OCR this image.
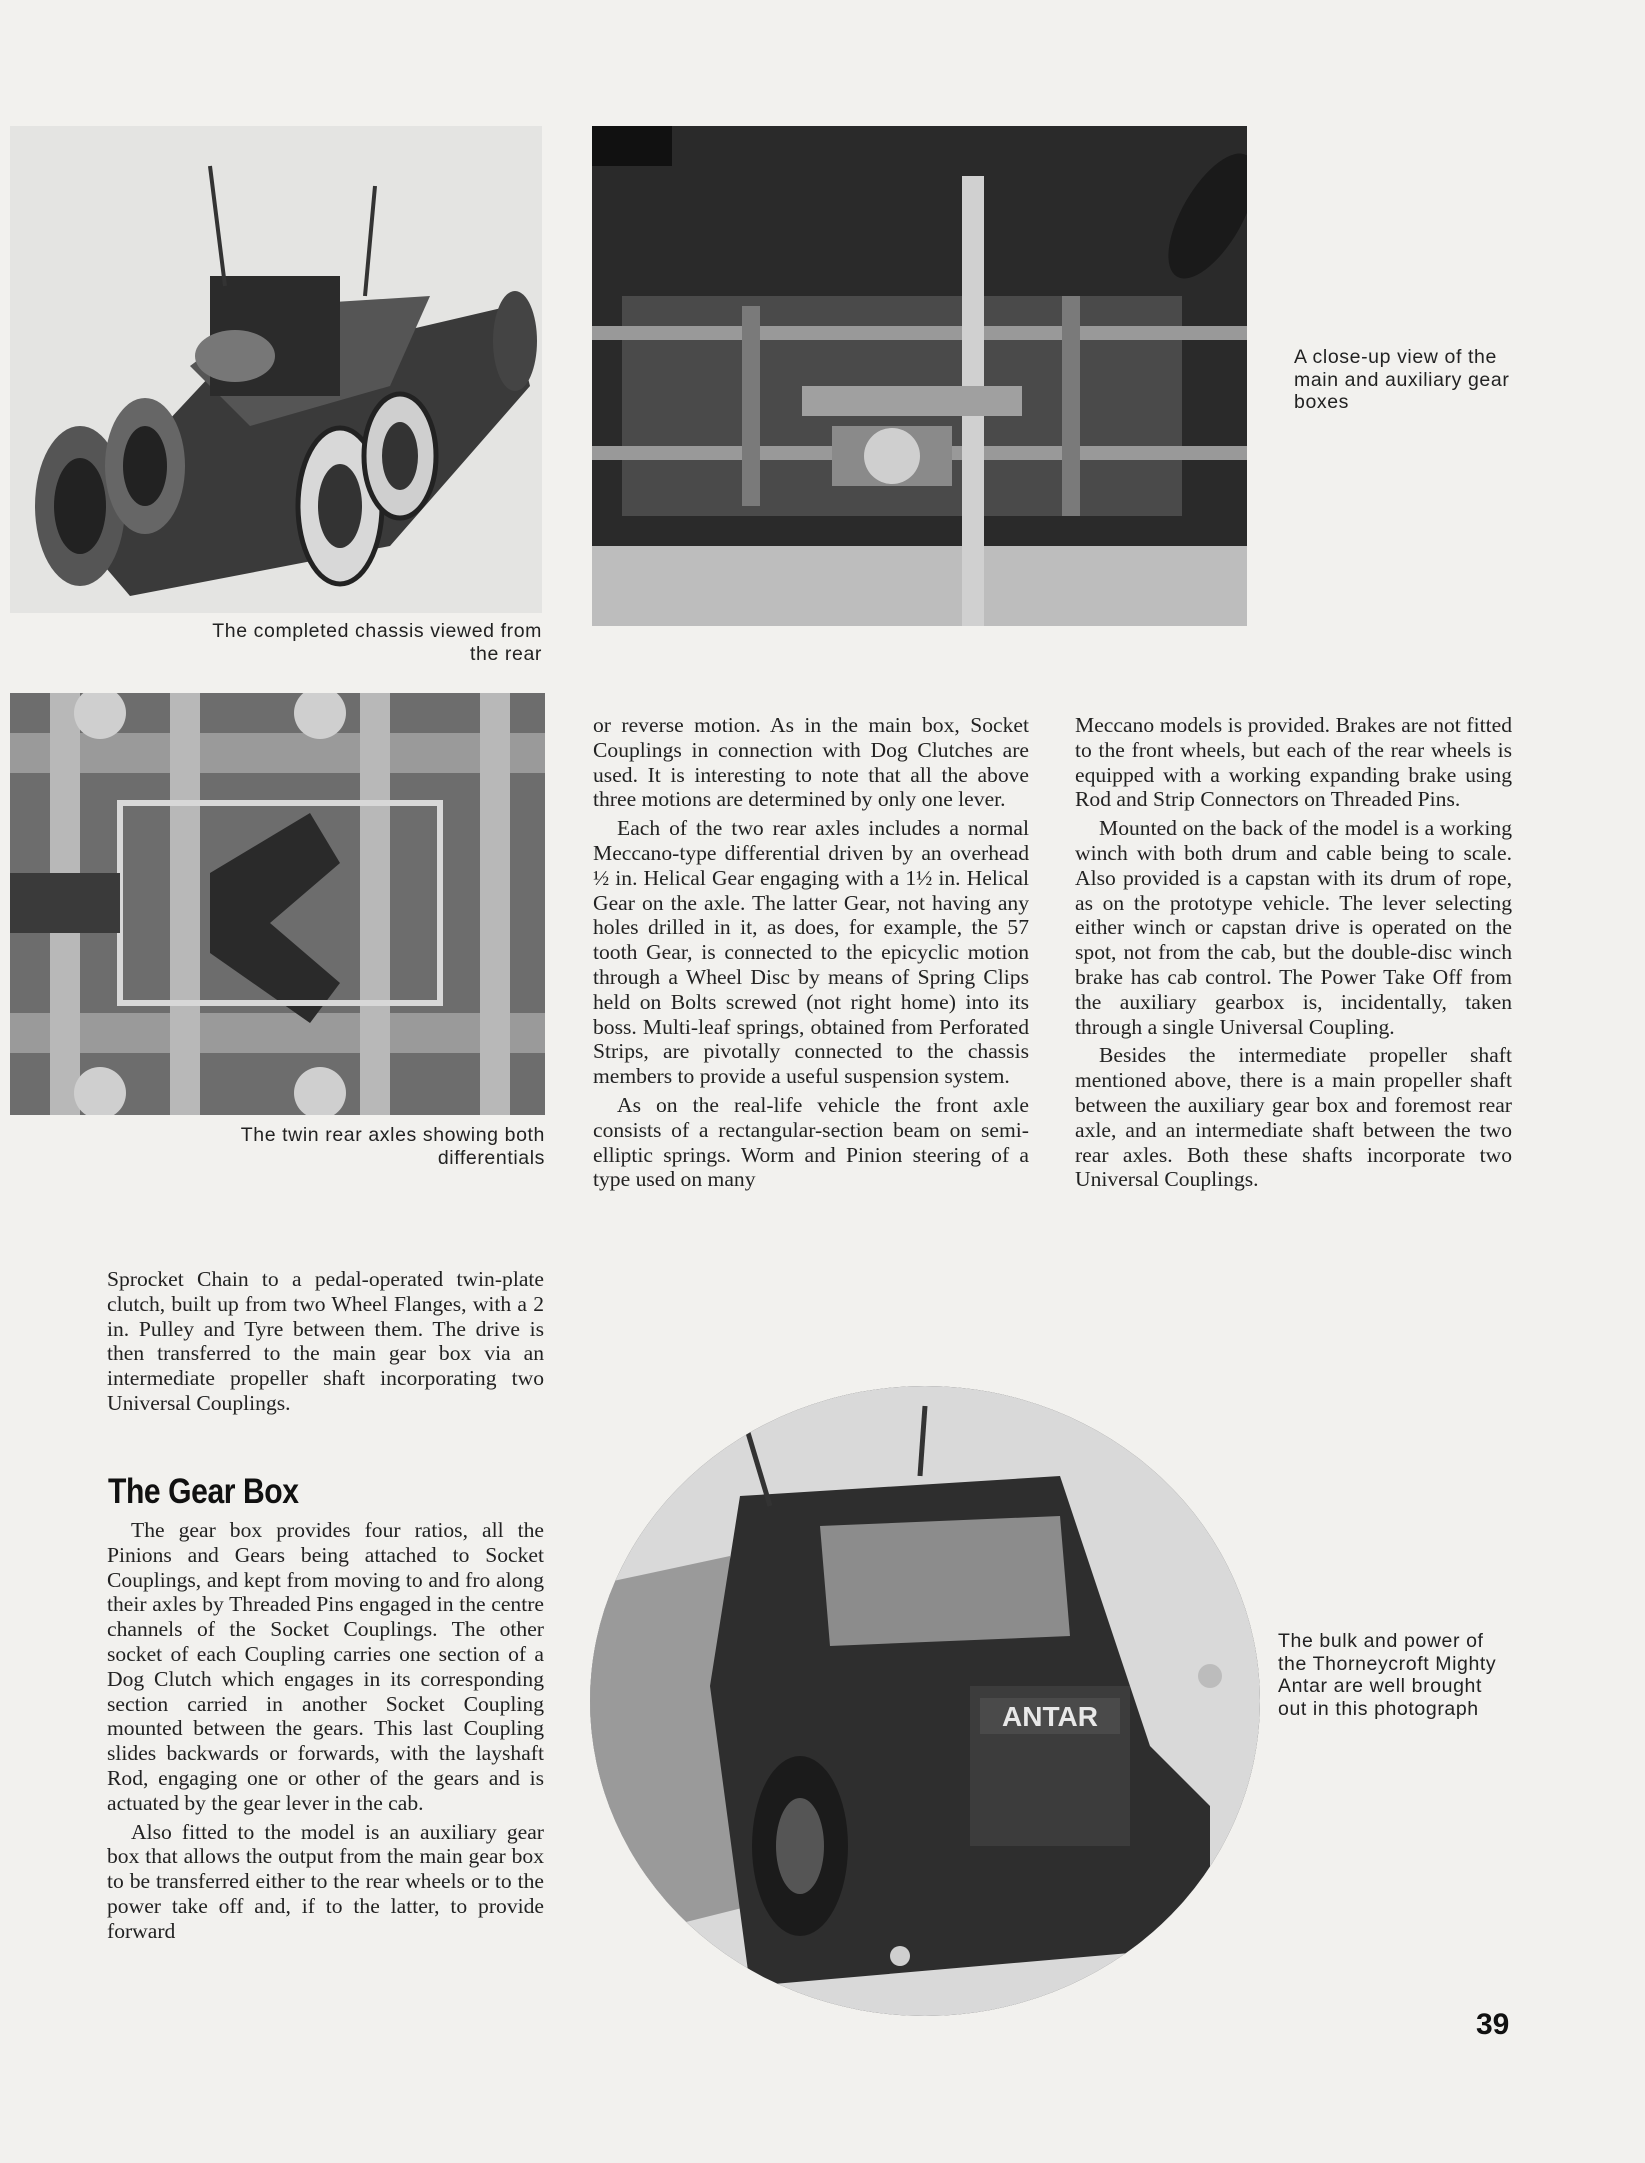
The completed chassis viewed from the rear

A close-up view of the main and auxiliary gear boxes

The twin rear axles showing both differentials

Sprocket Chain to a pedal-operated twin-plate clutch, built up from two Wheel Flanges, with a 2 in. Pulley and Tyre between them. The drive is then transferred to the main gear box via an intermediate propeller shaft incorporating two Universal Couplings.

The Gear Box

The gear box provides four ratios, all the Pinions and Gears being attached to Socket Couplings, and kept from moving to and fro along their axles by Threaded Pins engaged in the centre channels of the Socket Couplings. The other socket of each Coupling carries one section of a Dog Clutch which engages in its corresponding section carried in another Socket Coupling mounted between the gears. This last Coupling slides backwards or forwards, with the layshaft Rod, engaging one or other of the gears and is actuated by the gear lever in the cab.

Also fitted to the model is an auxiliary gear box that allows the output from the main gear box to be transferred either to the rear wheels or to the power take off and, if to the latter, to provide forward

or reverse motion. As in the main box, Socket Couplings in connection with Dog Clutches are used. It is interesting to note that all the above three motions are determined by only one lever.

Each of the two rear axles includes a normal Meccano-type differential driven by an overhead ½ in. Helical Gear engaging with a 1½ in. Helical Gear on the axle. The latter Gear, not having any holes drilled in it, as does, for example, the 57 tooth Gear, is connected to the epicyclic motion through a Wheel Disc by means of Spring Clips held on Bolts screwed (not right home) into its boss. Multi-leaf springs, obtained from Perforated Strips, are pivotally connected to the chassis members to provide a useful suspension system.

As on the real-life vehicle the front axle consists of a rectangular-section beam on semi-elliptic springs. Worm and Pinion steering of a type used on many

Meccano models is provided. Brakes are not fitted to the front wheels, but each of the rear wheels is equipped with a working expanding brake using Rod and Strip Connectors on Threaded Pins.

Mounted on the back of the model is a working winch with both drum and cable being to scale. Also provided is a capstan with its drum of rope, as on the prototype vehicle. The lever selecting either winch or capstan drive is operated on the spot, not from the cab, but the double-disc winch brake has cab control. The Power Take Off from the auxiliary gearbox is, incidentally, taken through a single Universal Coupling.

Besides the intermediate propeller shaft mentioned above, there is a main propeller shaft between the auxiliary gear box and foremost rear axle, and an intermediate shaft between the two rear axles. Both these shafts incorporate two Universal Couplings.

ANTAR

The bulk and power of the Thorneycroft Mighty Antar are well brought out in this photograph

39
